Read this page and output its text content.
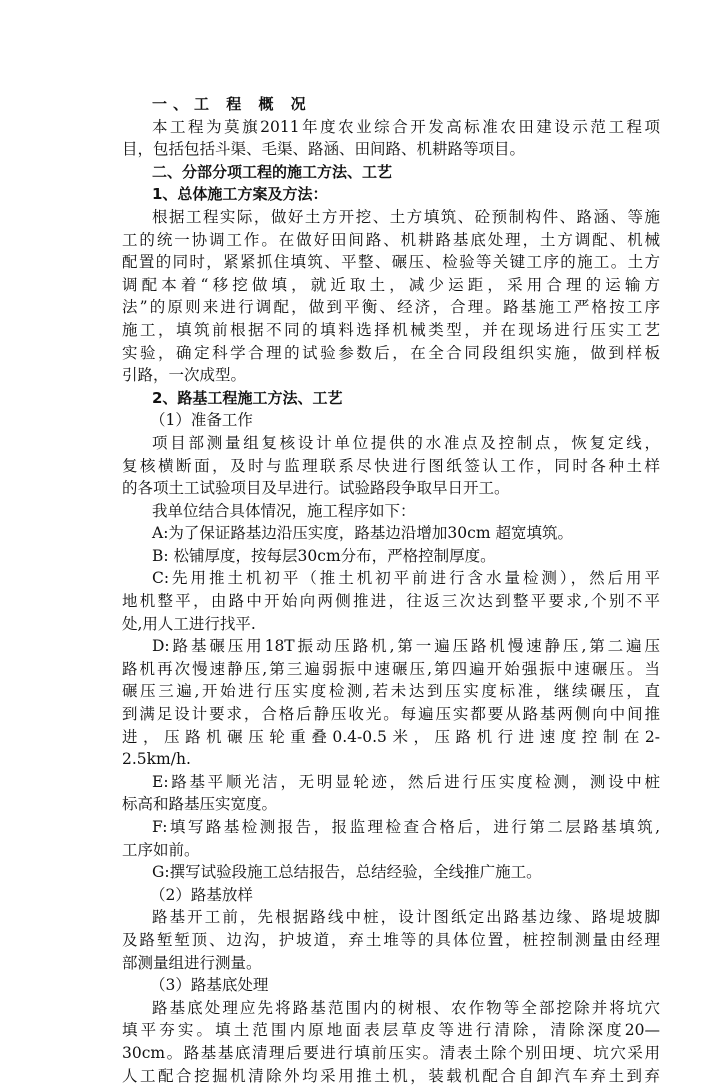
一、工 程 概 况
本工程为莫旗2011年度农业综合开发高标准农田建设示范工程项
目，包括包括斗渠、毛渠、路涵、田间路、机耕路等项目。
二、分部分项工程的施工方法、工艺
1、总体施工方案及方法：
根据工程实际，做好土方开挖、土方填筑、砼预制构件、路涵、等施
工的统一协调工作。在做好田间路、机耕路基底处理，土方调配、机械
配置的同时，紧紧抓住填筑、平整、碾压、检验等关键工序的施工。土方
调配本着“移挖做填，就近取土，减少运距，采用合理的运输方
法”的原则来进行调配，做到平衡、经济，合理。路基施工严格按工序
施工，填筑前根据不同的填料选择机械类型，并在现场进行压实工艺
实验，确定科学合理的试验参数后，在全合同段组织实施，做到样板
引路，一次成型。
2、路基工程施工方法、工艺
（1）准备工作
项目部测量组复核设计单位提供的水准点及控制点，恢复定线，
复核横断面，及时与监理联系尽快进行图纸签认工作，同时各种土样
的各项土工试验项目及早进行。试验路段争取早日开工。
我单位结合具体情况，施工程序如下：
A:为了保证路基边沿压实度，路基边沿增加30cm 超宽填筑。
B: 松铺厚度，按每层30cm分布，严格控制厚度。
C:先用推土机初平（推土机初平前进行含水量检测），然后用平
地机整平，由路中开始向两侧推进，往返三次达到整平要求,个别不平
处,用人工进行找平.
D:路基碾压用18T振动压路机,第一遍压路机慢速静压,第二遍压
路机再次慢速静压,第三遍弱振中速碾压,第四遍开始强振中速碾压。当
碾压三遍,开始进行压实度检测,若未达到压实度标准，继续碾压，直
到满足设计要求，合格后静压收光。每遍压实都要从路基两侧向中间推
进，压路机碾压轮重叠0.4-0.5米，压路机行进速度控制在2-
2.5km/h.
E:路基平顺光洁，无明显轮迹，然后进行压实度检测，测设中桩
标高和路基压实宽度。
F:填写路基检测报告，报监理检查合格后，进行第二层路基填筑,
工序如前。
G:撰写试验段施工总结报告，总结经验，全线推广施工。
（2）路基放样
路基开工前，先根据路线中桩，设计图纸定出路基边缘、路堤坡脚
及路堑堑顶、边沟，护坡道，弃土堆等的具体位置，桩控制测量由经理
部测量组进行测量。
（3）路基底处理
路基底处理应先将路基范围内的树根、农作物等全部挖除并将坑穴
填平夯实。填土范围内原地面表层草皮等进行清除，清除深度20—
30cm。路基基底清理后要进行填前压实。清表土除个别田埂、坑穴采用
人工配合挖掘机清除外均采用推土机，装载机配合自卸汽车弃土到弃
